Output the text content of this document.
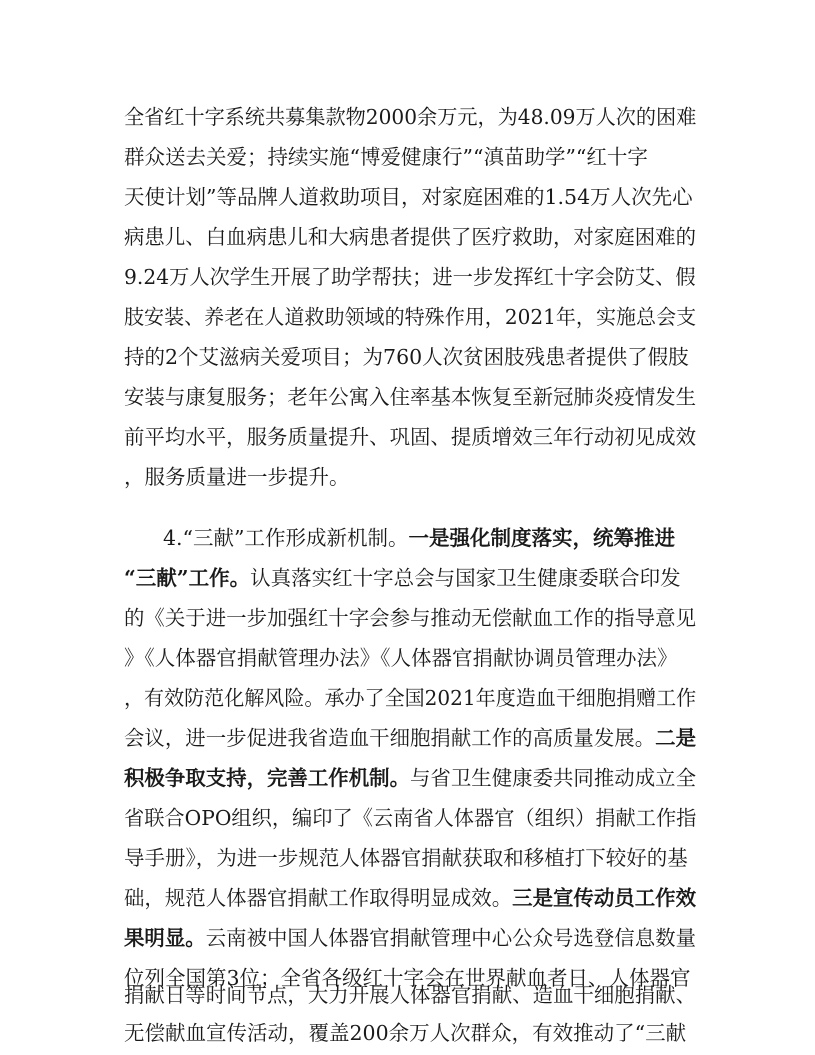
全省红十字系统共募集款物2000余万元，为48.09万人次的困难
群众送去关爱；持续实施“博爱健康行”“滇苗助学”“红十字
天使计划”等品牌人道救助项目，对家庭困难的1.54万人次先心
病患儿、白血病患儿和大病患者提供了医疗救助，对家庭困难的
9.24万人次学生开展了助学帮扶；进一步发挥红十字会防艾、假
肢安装、养老在人道救助领域的特殊作用，2021年，实施总会支
持的2个艾滋病关爱项目；为760人次贫困肢残患者提供了假肢
安装与康复服务；老年公寓入住率基本恢复至新冠肺炎疫情发生
前平均水平，服务质量提升、巩固、提质增效三年行动初见成效
，服务质量进一步提升。
4.“三献”工作形成新机制。一是强化制度落实，统筹推进
“三献”工作。认真落实红十字总会与国家卫生健康委联合印发
的《关于进一步加强红十字会参与推动无偿献血工作的指导意见
》《人体器官捐献管理办法》《人体器官捐献协调员管理办法》
，有效防范化解风险。承办了全国2021年度造血干细胞捐赠工作
会议，进一步促进我省造血干细胞捐献工作的高质量发展。二是
积极争取支持，完善工作机制。与省卫生健康委共同推动成立全
省联合OPO组织，编印了《云南省人体器官（组织）捐献工作指
导手册》，为进一步规范人体器官捐献获取和移植打下较好的基
础，规范人体器官捐献工作取得明显成效。三是宣传动员工作效
果明显。云南被中国人体器官捐献管理中心公众号选登信息数量
位列全国第3位；全省各级红十字会在世界献血者日、人体器官
捐献日等时间节点，大力开展人体器官捐献、造血干细胞捐献、
无偿献血宣传活动，覆盖200余万人次群众，有效推动了“三献
